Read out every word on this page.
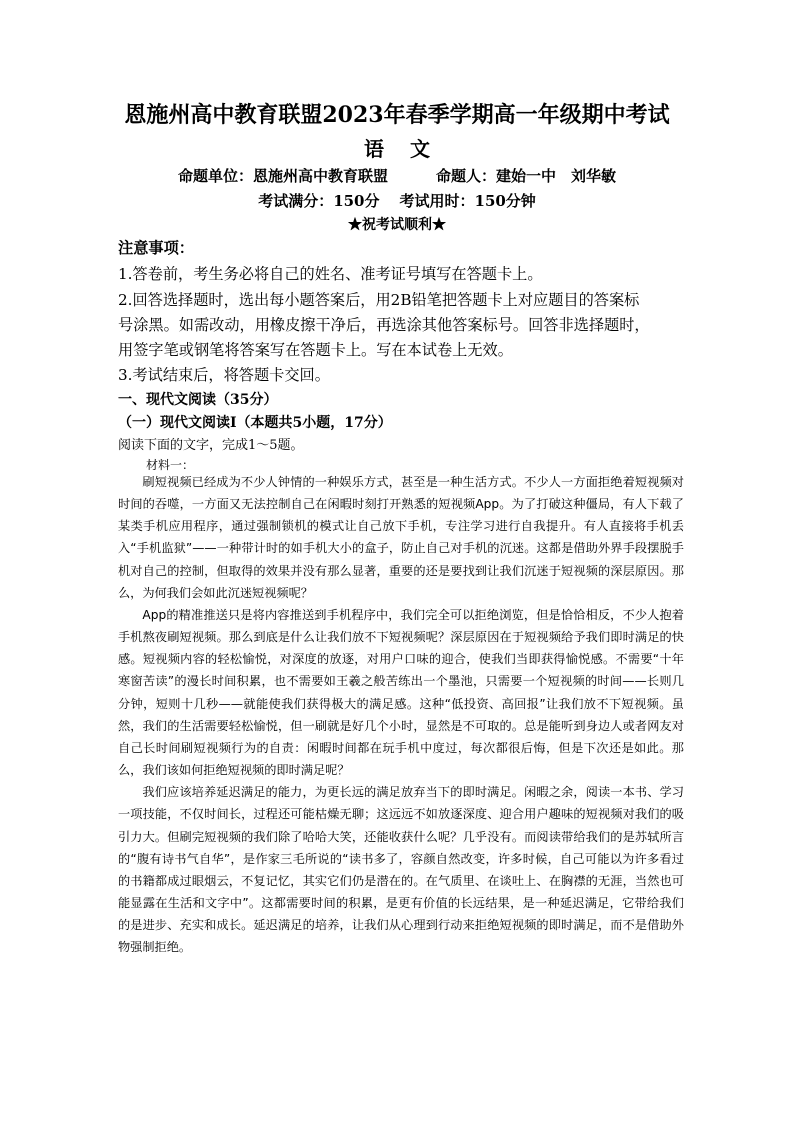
恩施州高中教育联盟2023年春季学期高一年级期中考试
语 文
命题单位：恩施州高中教育联盟	命题人：建始一中　刘华敏
考试满分：150分 考试用时：150分钟
★祝考试顺利★
注意事项：
1.答卷前，考生务必将自己的姓名、准考证号填写在答题卡上。
2.回答选择题时，选出每小题答案后，用2B铅笔把答题卡上对应题目的答案标
号涂黑。如需改动，用橡皮擦干净后，再选涂其他答案标号。回答非选择题时，
用签字笔或钢笔将答案写在答题卡上。写在本试卷上无效。
3.考试结束后，将答题卡交回。
一、现代文阅读（35分）
（一）现代文阅读Ⅰ（本题共5小题，17分）
阅读下面的文字，完成1～5题。
材料一：

刷短视频已经成为不少人钟情的一种娱乐方式，甚至是一种生活方式。不少人一方面拒绝着短视频对时间的吞噬，一方面又无法控制自己在闲暇时刻打开熟悉的短视频App。为了打破这种僵局，有人下载了某类手机应用程序，通过强制锁机的模式让自己放下手机，专注学习进行自我提升。有人直接将手机丢入“手机监狱”——一种带计时的如手机大小的盒子，防止自己对手机的沉迷。这都是借助外界手段摆脱手机对自己的控制，但取得的效果并没有那么显著，重要的还是要找到让我们沉迷于短视频的深层原因。那么，为何我们会如此沉迷短视频呢？

App的精准推送只是将内容推送到手机程序中，我们完全可以拒绝浏览，但是恰恰相反，不少人抱着手机熬夜刷短视频。那么到底是什么让我们放不下短视频呢？深层原因在于短视频给予我们即时满足的快感。短视频内容的轻松愉悦，对深度的放逐，对用户口味的迎合，使我们当即获得愉悦感。不需要“十年寒窗苦读”的漫长时间积累，也不需要如王羲之般苦练出一个墨池，只需要一个短视频的时间——长则几分钟，短则十几秒——就能使我们获得极大的满足感。这种“低投资、高回报”让我们放不下短视频。虽然，我们的生活需要轻松愉悦，但一刷就是好几个小时，显然是不可取的。总是能听到身边人或者网友对自己长时间刷短视频行为的自责：闲暇时间都在玩手机中度过，每次都很后悔，但是下次还是如此。那么，我们该如何拒绝短视频的即时满足呢？

我们应该培养延迟满足的能力，为更长远的满足放弃当下的即时满足。闲暇之余，阅读一本书、学习一项技能，不仅时间长，过程还可能枯燥无聊；这远远不如放逐深度、迎合用户趣味的短视频对我们的吸引力大。但刷完短视频的我们除了哈哈大笑，还能收获什么呢？几乎没有。而阅读带给我们的是苏轼所言的“腹有诗书气自华”，是作家三毛所说的“读书多了，容颜自然改变，许多时候，自己可能以为许多看过的书籍都成过眼烟云，不复记忆，其实它们仍是潜在的。在气质里、在谈吐上、在胸襟的无涯，当然也可能显露在生活和文字中”。这都需要时间的积累，是更有价值的长远结果，是一种延迟满足，它带给我们的是进步、充实和成长。延迟满足的培养，让我们从心理到行动来拒绝短视频的即时满足，而不是借助外物强制拒绝。
